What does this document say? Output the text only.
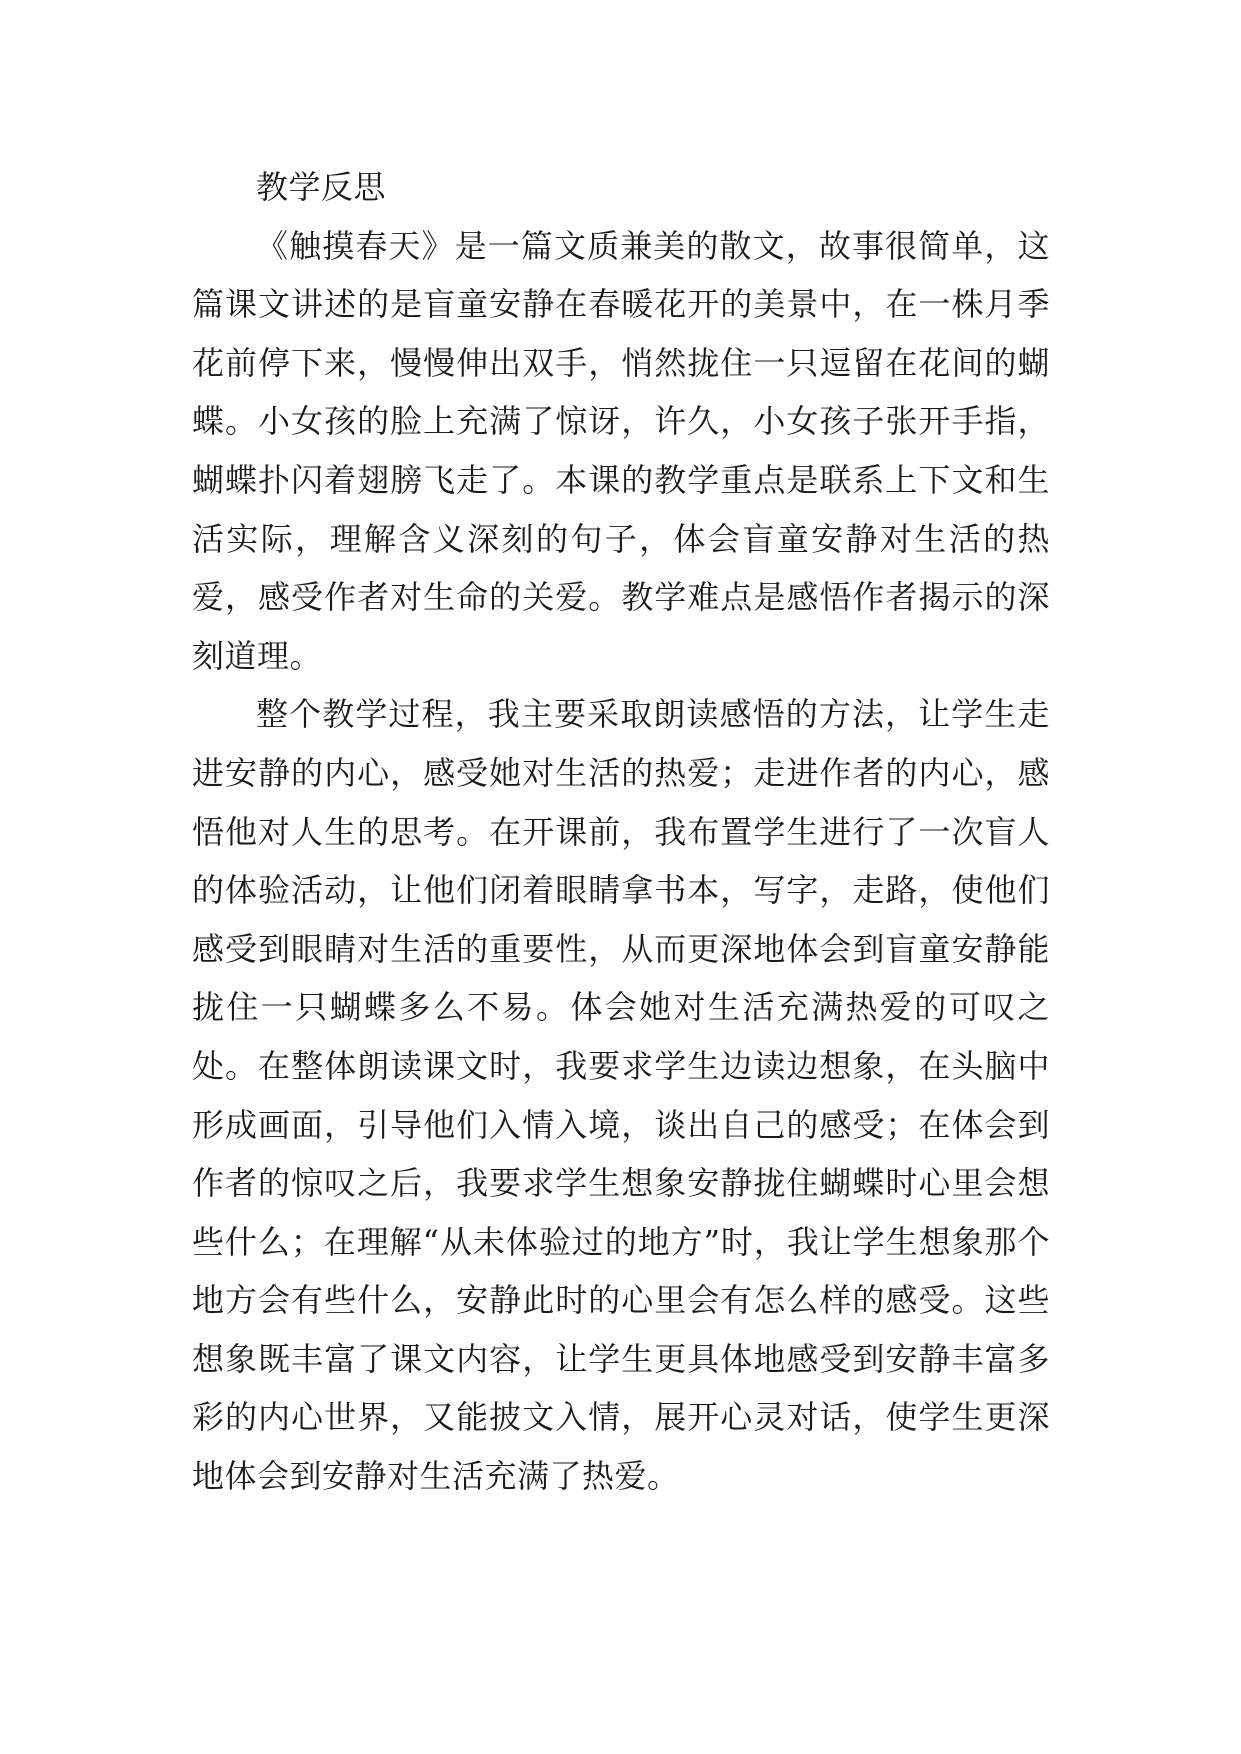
教学反思

《触摸春天》是一篇文质兼美的散文，故事很简单，这篇课文讲述的是盲童安静在春暖花开的美景中，在一株月季花前停下来，慢慢伸出双手，悄然拢住一只逗留在花间的蝴蝶。小女孩的脸上充满了惊讶，许久，小女孩子张开手指，蝴蝶扑闪着翅膀飞走了。本课的教学重点是联系上下文和生活实际，理解含义深刻的句子，体会盲童安静对生活的热爱，感受作者对生命的关爱。教学难点是感悟作者揭示的深刻道理。

整个教学过程，我主要采取朗读感悟的方法，让学生走进安静的内心，感受她对生活的热爱；走进作者的内心，感悟他对人生的思考。在开课前，我布置学生进行了一次盲人的体验活动，让他们闭着眼睛拿书本，写字，走路，使他们感受到眼睛对生活的重要性，从而更深地体会到盲童安静能拢住一只蝴蝶多么不易。体会她对生活充满热爱的可叹之处。在整体朗读课文时，我要求学生边读边想象，在头脑中形成画面，引导他们入情入境，谈出自己的感受；在体会到作者的惊叹之后，我要求学生想象安静拢住蝴蝶时心里会想些什么；在理解“从未体验过的地方”时，我让学生想象那个地方会有些什么，安静此时的心里会有怎么样的感受。这些想象既丰富了课文内容，让学生更具体地感受到安静丰富多彩的内心世界，又能披文入情，展开心灵对话，使学生更深地体会到安静对生活充满了热爱。
